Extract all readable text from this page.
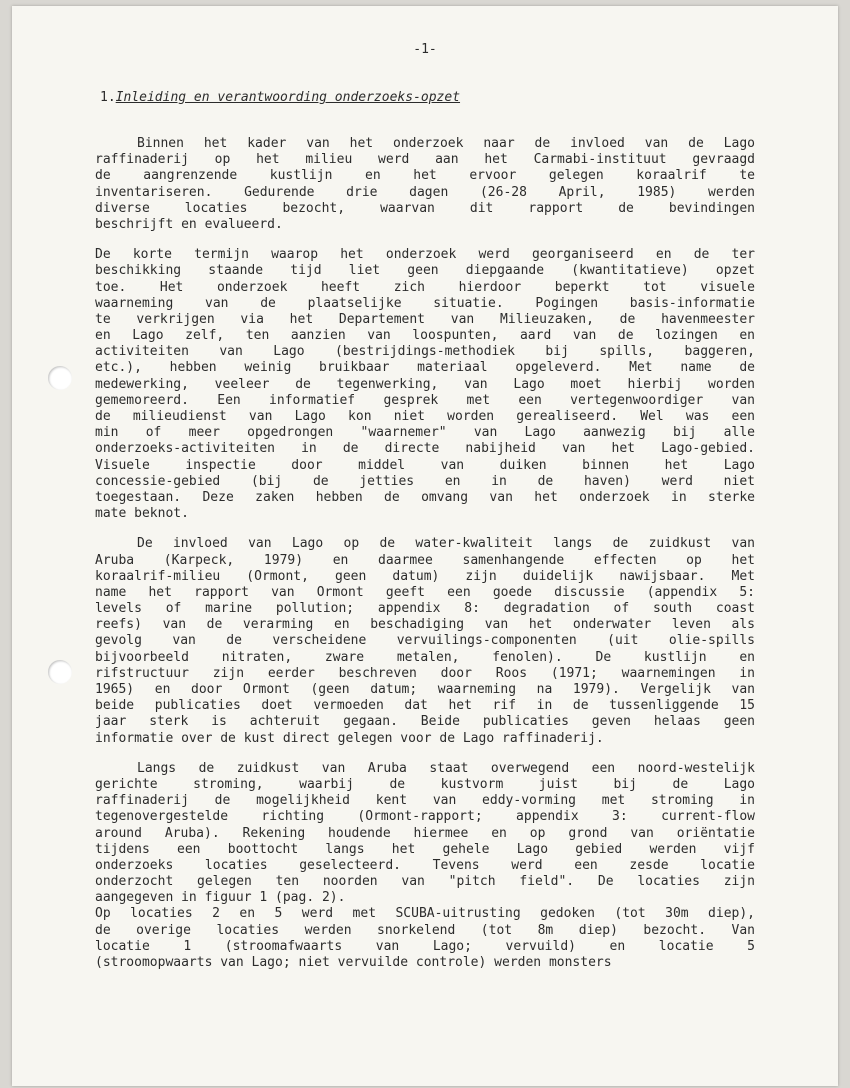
-1-
1.Inleiding en verantwoording onderzoeks-opzet
Binnen het kader van het onderzoek naar de invloed van de Lago
raffinaderij op het milieu werd aan het Carmabi-instituut gevraagd
de aangrenzende kustlijn en het ervoor gelegen koraalrif te
inventariseren. Gedurende drie dagen (26-28 April, 1985) werden
diverse locaties bezocht, waarvan dit rapport de bevindingen
beschrijft en evalueerd.
De korte termijn waarop het onderzoek werd georganiseerd en de ter
beschikking staande tijd liet geen diepgaande (kwantitatieve) opzet
toe. Het onderzoek heeft zich hierdoor beperkt tot visuele
waarneming van de plaatselijke situatie. Pogingen basis-informatie
te verkrijgen via het Departement van Milieuzaken, de havenmeester
en Lago zelf, ten aanzien van loospunten, aard van de lozingen en
activiteiten van Lago (bestrijdings-methodiek bij spills, baggeren,
etc.), hebben weinig bruikbaar materiaal opgeleverd. Met name de
medewerking, veeleer de tegenwerking, van Lago moet hierbij worden
gememoreerd. Een informatief gesprek met een vertegenwoordiger van
de milieudienst van Lago kon niet worden gerealiseerd. Wel was een
min of meer opgedrongen "waarnemer" van Lago aanwezig bij alle
onderzoeks-activiteiten in de directe nabijheid van het Lago-gebied.
Visuele inspectie door middel van duiken binnen het Lago
concessie-gebied (bij de jetties en in de haven) werd niet
toegestaan. Deze zaken hebben de omvang van het onderzoek in sterke
mate beknot.
De invloed van Lago op de water-kwaliteit langs de zuidkust van
Aruba (Karpeck, 1979) en daarmee samenhangende effecten op het
koraalrif-milieu (Ormont, geen datum) zijn duidelijk nawijsbaar. Met
name het rapport van Ormont geeft een goede discussie (appendix 5:
levels of marine pollution; appendix 8: degradation of south coast
reefs) van de verarming en beschadiging van het onderwater leven als
gevolg van de verscheidene vervuilings-componenten (uit olie-spills
bijvoorbeeld nitraten, zware metalen, fenolen). De kustlijn en
rifstructuur zijn eerder beschreven door Roos (1971; waarnemingen in
1965) en door Ormont (geen datum; waarneming na 1979). Vergelijk van
beide publicaties doet vermoeden dat het rif in de tussenliggende 15
jaar sterk is achteruit gegaan. Beide publicaties geven helaas geen
informatie over de kust direct gelegen voor de Lago raffinaderij.
Langs de zuidkust van Aruba staat overwegend een noord-westelijk
gerichte stroming, waarbij de kustvorm juist bij de Lago
raffinaderij de mogelijkheid kent van eddy-vorming met stroming in
tegenovergestelde richting (Ormont-rapport; appendix 3: current-flow
around Aruba). Rekening houdende hiermee en op grond van oriëntatie
tijdens een boottocht langs het gehele Lago gebied werden vijf
onderzoeks locaties geselecteerd. Tevens werd een zesde locatie
onderzocht gelegen ten noorden van "pitch field". De locaties zijn
aangegeven in figuur 1 (pag. 2).
Op locaties 2 en 5 werd met SCUBA-uitrusting gedoken (tot 30m diep),
de overige locaties werden snorkelend (tot 8m diep) bezocht. Van
locatie 1 (stroomafwaarts van Lago; vervuild) en locatie 5
(stroomopwaarts van Lago; niet vervuilde controle) werden monsters
